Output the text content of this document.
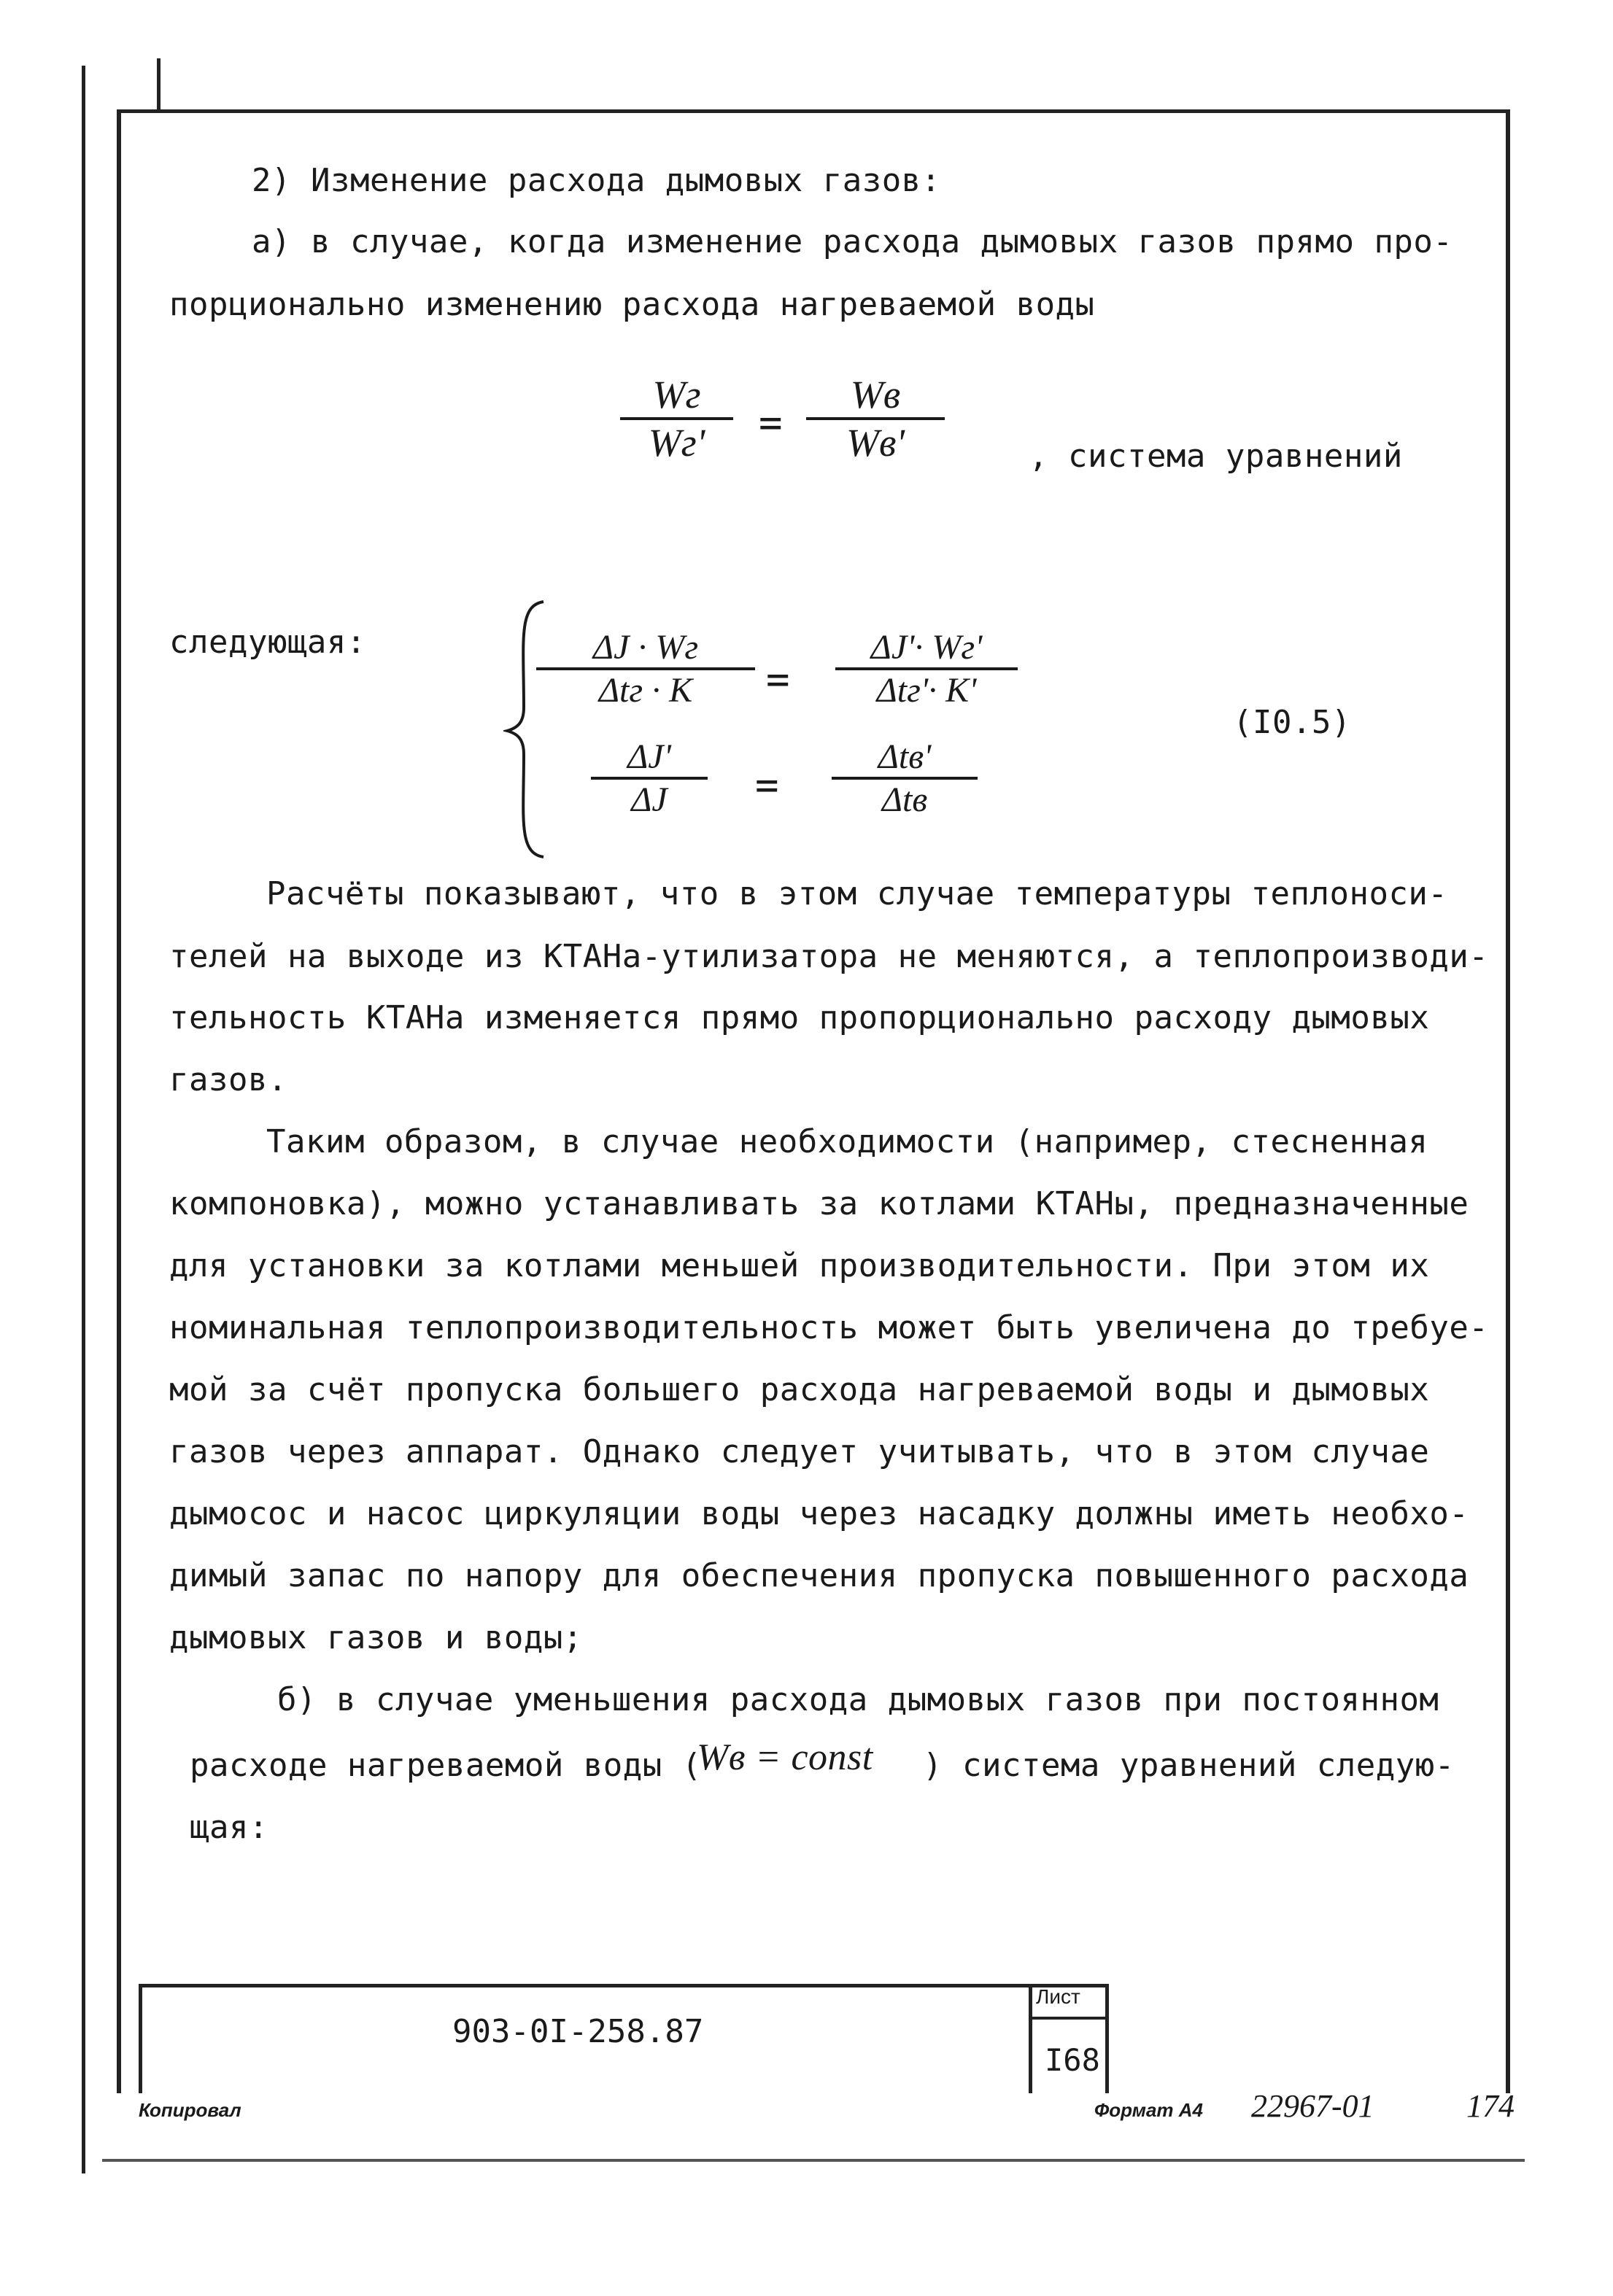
2) Изменение расхода дымовых газов:
а) в случае, когда изменение расхода дымовых газов прямо про-
порционально изменению расхода нагреваемой воды
Wг
Wг'	=
Wв
Wв'	, система уравнений
следующая:	ΔJ · Wг
Δtг · K	=
ΔJ'· Wг'
Δtг'· K'
(I0.5)
$\frac{\Delta J'}{\Delta J}$ =
Δtв'
Δtв
Расчёты показывают, что в этом случае температуры теплоноси-
телей на выходе из КТАНа-утилизатора не меняются, а теплопроизводи-
тельность КТАНа изменяется прямо пропорционально расходу дымовых
газов.
Таким образом, в случае необходимости (например, стесненная
компоновка), можно устанавливать за котлами КТАНы, предназначенные
для установки за котлами меньшей производительности. При этом их
номинальная теплопроизводительность может быть увеличена до требуе-
мой за счёт пропуска большего расхода нагреваемой воды и дымовых
газов через аппарат. Однако следует учитывать, что в этом случае
дымосос и насос циркуляции воды через насадку должны иметь необхо-
димый запас по напору для обеспечения пропуска повышенного расхода
дымовых газов и воды;
б) в случае уменьшения расхода дымовых газов при постоянном
расходе нагреваемой воды (
Wв = const ) система уравнений следую-
щая:
903-0I-258.87
Лист
I68
Копировал	Формат А4 22967-01	174
